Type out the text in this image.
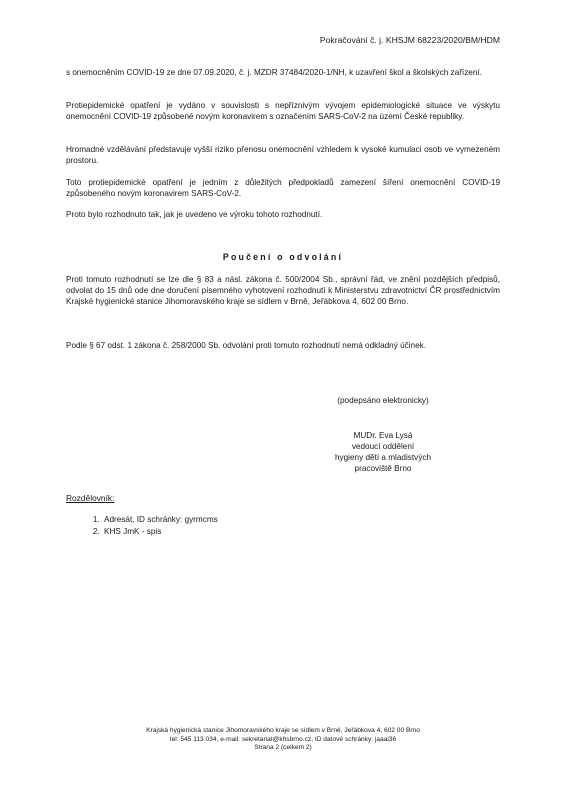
Pokračování č. j. KHSJM 68223/2020/BM/HDM

s onemocněním COVID-19 ze dne 07.09.2020, č. j. MZDR 37484/2020-1/NH, k uzavření škol a školských zařízení.

Protiepidemické opatření je vydáno v souvislosti s nepříznivým vývojem epidemiologické situace ve výskytu onemocnění COVID-19 způsobené novým koronavirem s označením SARS-CoV-2 na území České republiky.

Hromadné vzdělávání představuje vyšší riziko přenosu onemocnění vzhledem k vysoké kumulaci osob ve vymezeném prostoru.

Toto protiepidemické opatření je jedním z důležitých předpokladů zamezení šíření onemocnění COVID-19 způsobeného novým koronavirem SARS-CoV-2.

Proto bylo rozhodnuto tak, jak je uvedeno ve výroku tohoto rozhodnutí.

Poučení o odvolání

Proti tomuto rozhodnutí se lze dle § 83 a násl. zákona č. 500/2004 Sb., správní řád, ve znění pozdějších předpisů, odvolat do 15 dnů ode dne doručení písemného vyhotovení rozhodnutí k Ministerstvu zdravotnictví ČR prostřednictvím Krajské hygienické stanice Jihomoravského kraje se sídlem v Brně, Jeřábkova 4, 602 00 Brno.

Podle § 67 odst. 1 zákona č. 258/2000 Sb. odvolání proti tomuto rozhodnutí nemá odkladný účinek.

(podepsáno elektronicky)
MUDr. Eva Lysá
vedoucí oddělení
hygieny dětí a mladistvých
pracoviště Brno
Rozdělovník:
1. Adresát, ID schránky: gyrmcms
2. KHS JmK - spis
Krajská hygienická stanice Jihomoravského kraje se sídlem v Brně, Jeřábkova 4, 602 00 Brno
tel: 545 113 034, e-mail: sekretariat@khsbrno.cz, ID datové schránky: jaaai36
Strana 2 (celkem 2)
